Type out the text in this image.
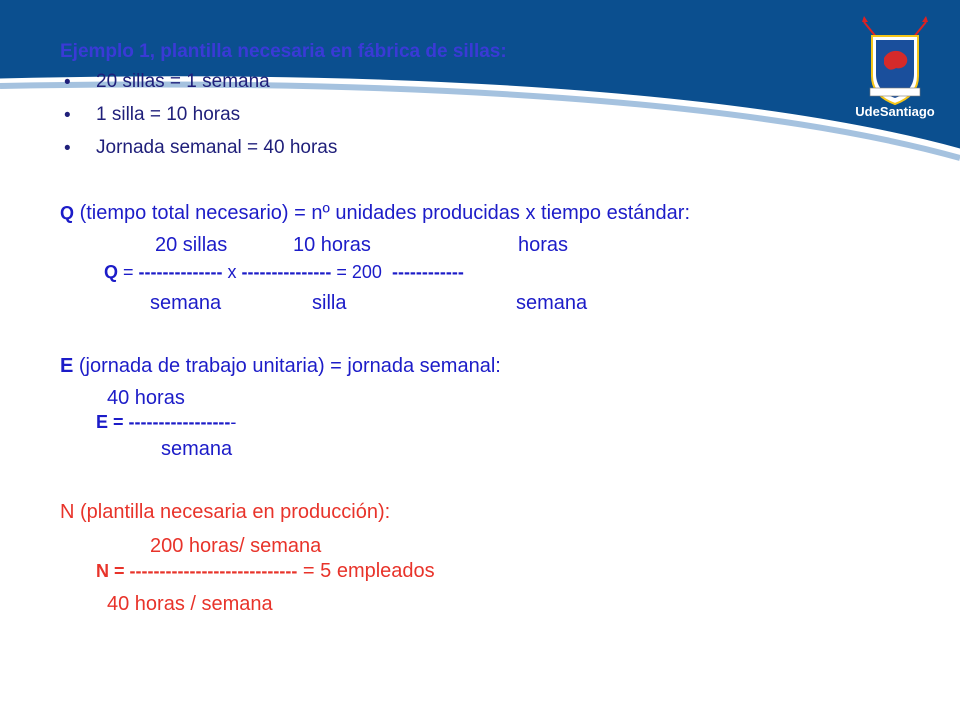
UdeSantiago
Ejemplo 1, plantilla necesaria en fábrica de sillas:
• 20 sillas = 1 semana
• 1 silla = 10 horas
• Jornada semanal = 40 horas
Q (tiempo total necesario) = nº unidades producidas x tiempo estándar:
20 sillas	10 horas	horas
Q = -------------- x --------------- = 200  ------------
semana	silla	semana
E (jornada de trabajo unitaria) = jornada semanal:
40 horas
E = ------------------
semana
N (plantilla necesaria en producción):
200 horas/ semana
N = ---------------------------- = 5 empleados
40 horas / semana
